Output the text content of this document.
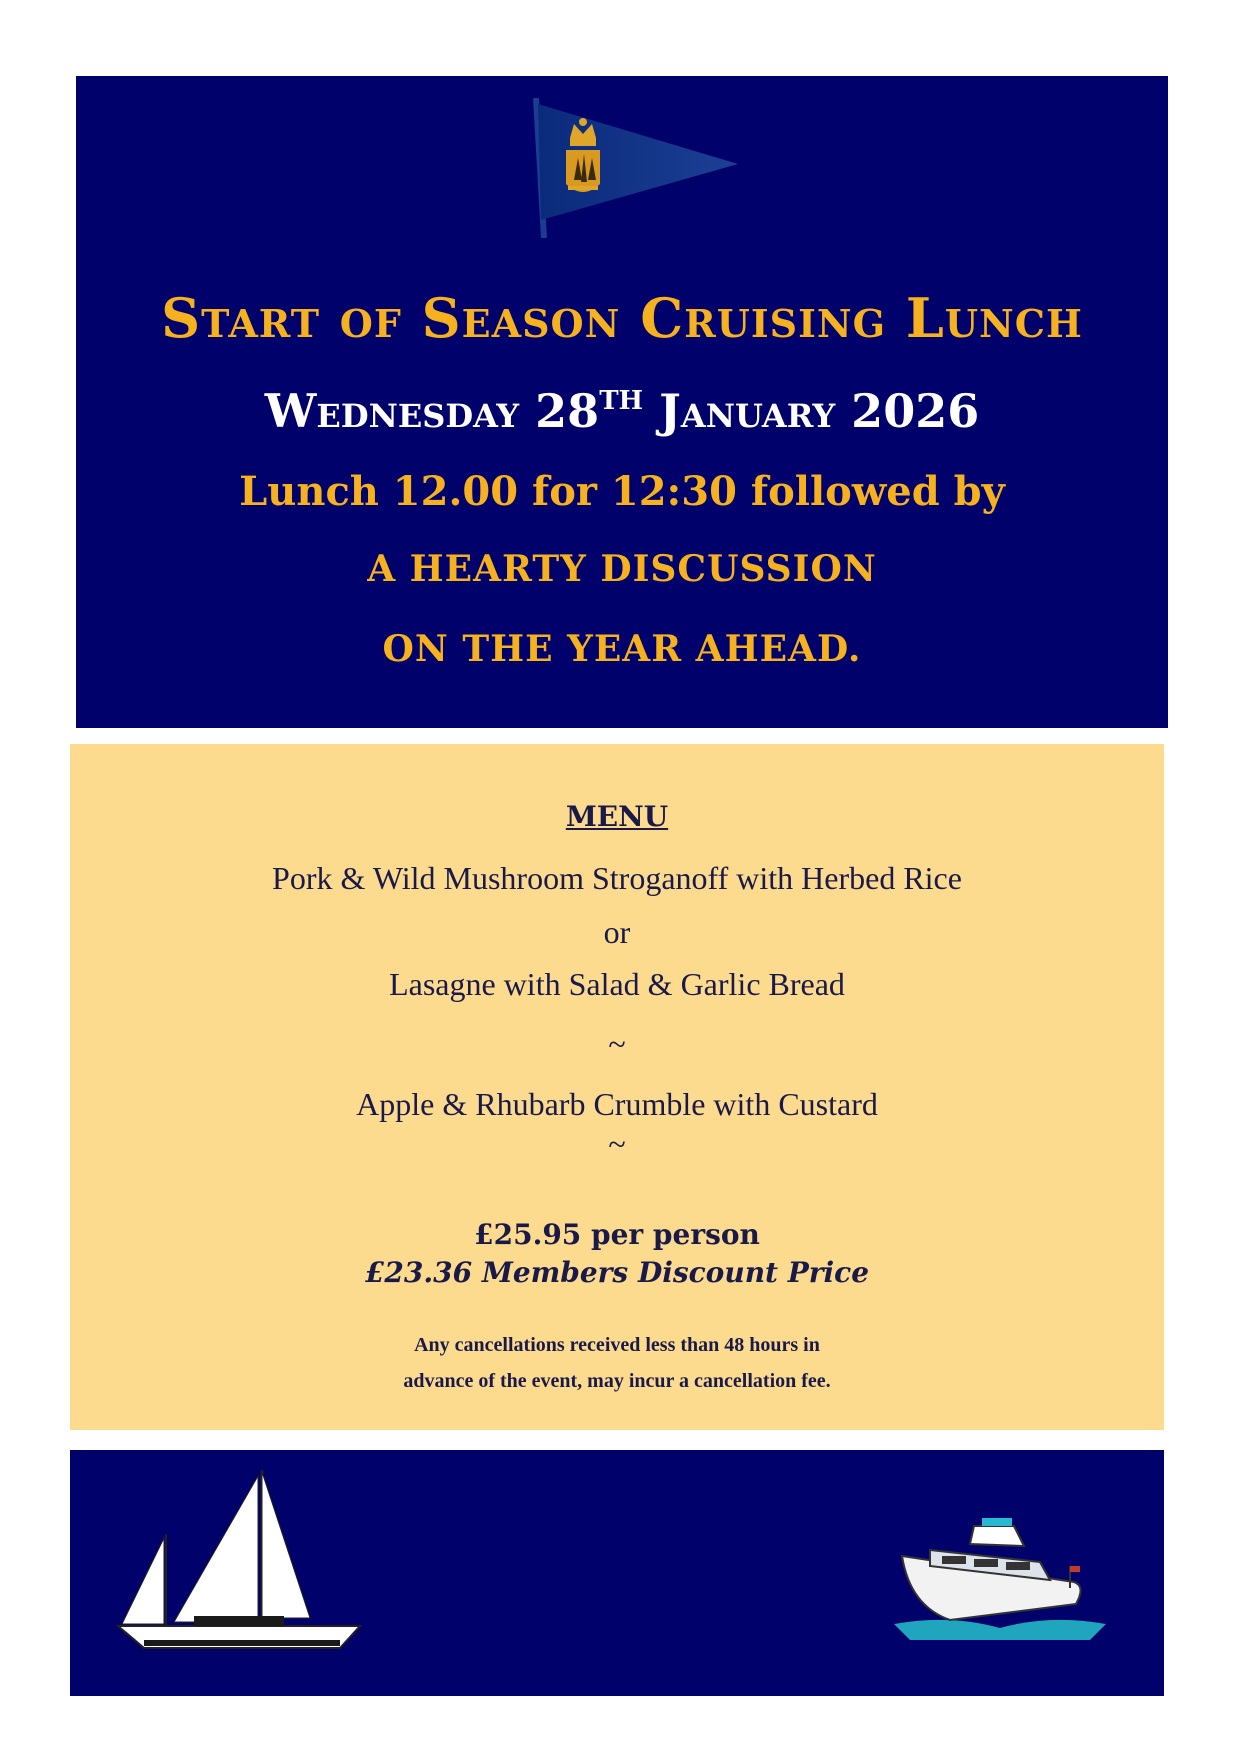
Start of Season Cruising Lunch
Wednesday 28TH January 2026
Lunch 12.00 for 12:30 followed by
A HEARTY DISCUSSION
ON THE YEAR AHEAD.
MENU
Pork & Wild Mushroom Stroganoff with Herbed Rice
or
Lasagne with Salad & Garlic Bread
~
Apple & Rhubarb Crumble with Custard
~
£25.95 per person
£23.36 Members Discount Price
Any cancellations received less than 48 hours in
advance of the event, may incur a cancellation fee.
